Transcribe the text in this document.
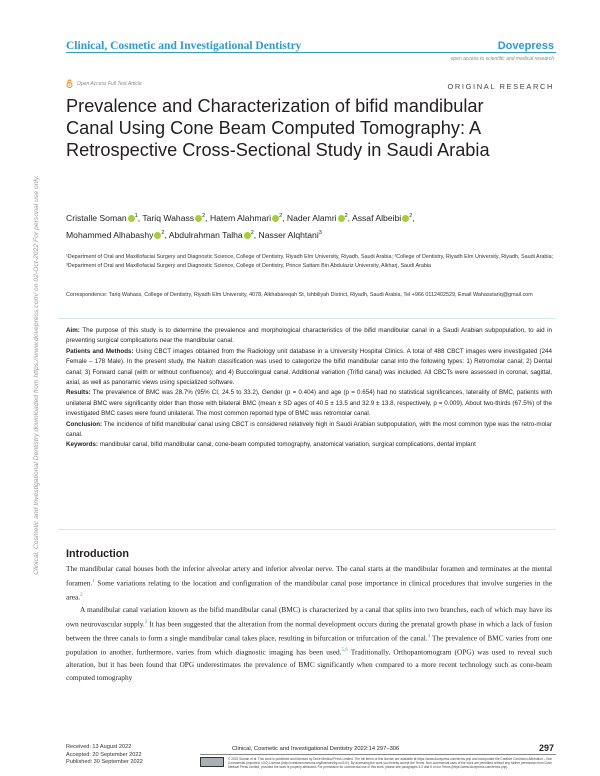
Clinical, Cosmetic and Investigational Dentistry downloaded from https://www.dovepress.com/ on 02-Oct-2022 For personal use only.
Clinical, Cosmetic and Investigational Dentistry	Dovepress
open access to scientific and medical research
Open Access Full Text Article	ORIGINAL RESEARCH
Prevalence and Characterization of bifid mandibular Canal Using Cone Beam Computed Tomography: A Retrospective Cross-Sectional Study in Saudi Arabia
Cristalle Soman $^1$, Tariq Wahass $^2$, Hatem Alahmari $^2$, Nader Alamri $^2$, Assaf Albeibi $^2$,
Mohammed Alhabashy $^2$, Abdulrahman Talha $^2$, Nasser Alqhtani$^3$
¹Department of Oral and Maxillofacial Surgery and Diagnostic Science, College of Dentistry, Riyadh Elm University, Riyadh, Saudi Arabia; ²College of Dentistry, Riyadh Elm University, Riyadh, Saudi Arabia; ³Department of Oral and Maxillofacial Surgery and Diagnostic Science, College of Dentistry, Prince Sattam Bin Abdulaziz University, Alkharj, Saudi Arabia
Correspondence: Tariq Wahass, College of Dentistry, Riyadh Elm University, 4078, Alkhabareqah St, Ishbiliyah District, Riyadh, Saudi Arabia, Tel +966 0112402529, Email Wahasstariq@gmail.com

Aim: The purpose of this study is to determine the prevalence and morphological characteristics of the bifid mandibular canal in a Saudi Arabian subpopulation, to aid in preventing surgical complications near the mandibular canal.

Patients and Methods: Using CBCT images obtained from the Radiology unit database in a University Hospital Clinics. A total of 488 CBCT images were investigated (244 Female – 178 Male). In the present study, the Naitoh classification was used to categorize the bifid mandibular canal into the following types: 1) Retromolar canal; 2) Dental canal; 3) Forward canal (with or without confluence); and 4) Buccolingual canal. Additional variation (Trifid canal) was included. All CBCTs were assessed in coronal, sagittal, axial, as well as panoramic views using specialized software.

Results: The prevalence of BMC was 28.7% (95% CI, 24.5 to 33.2), Gender (p = 0.404) and age (p = 0.654) had no statistical significances, laterality of BMC, patients with unilateral BMC were significantly older than those with bilateral BMC (mean ± SD ages of 40.5 ± 13.5 and 32.9 ± 13.8, respectively, p = 0.009). About two-thirds (67.5%) of the investigated BMC cases were found unilateral. The most common reported type of BMC was retromolar canal.

Conclusion: The incidence of bifid mandibular canal using CBCT is considered relatively high in Saudi Arabian subpopulation, with the most common type was the retro-molar canal.

Keywords: mandibular canal, bifid mandibular canal, cone-beam computed tomography, anatomical variation, surgical complications, dental implant

Introduction

The mandibular canal houses both the inferior alveolar artery and inferior alveolar nerve. The canal starts at the mandibular foramen and terminates at the mental foramen.$^1$ Some variations relating to the location and configuration of the mandibular canal pose importance in clinical procedures that involve surgeries in the area.$^2$

A mandibular canal variation known as the bifid mandibular canal (BMC) is characterized by a canal that splits into two branches, each of which may have its own neurovascular supply.$^3$ It has been suggested that the alteration from the normal development occurs during the prenatal growth phase in which a lack of fusion between the three canals to form a single mandibular canal takes place, resulting in bifurcation or trifurcation of the canal.$^4$ The prevalence of BMC varies from one population to another, furthermore, varies from which diagnostic imaging has been used.$^{5,6}$ Traditionally, Orthopantomogram (OPG) was used to reveal such alteration, but it has been found that OPG underestimates the prevalence of BMC significantly when compared to a more recent technology such as cone-beam computed tomography

Received: 13 August 2022
Accepted: 20 September 2022
Published: 30 September 2022
Clinical, Cosmetic and Investigational Dentistry 2022:14 297–306	297
© 2022 Soman et al. This work is published and licensed by Dove Medical Press Limited. The full terms of this license are available at https://www.dovepress.com/terms.php and incorporate the Creative Commons Attribution – Non Commercial (unported, v3.0) License (http://creativecommons.org/licenses/by-nc/3.0/). By accessing the work you hereby accept the Terms. Non-commercial uses of the work are permitted without any further permission from Dove Medical Press Limited, provided the work is properly attributed. For permission for commercial use of this work, please see paragraphs 4.2 and 5 of our Terms (https://www.dovepress.com/terms.php).
